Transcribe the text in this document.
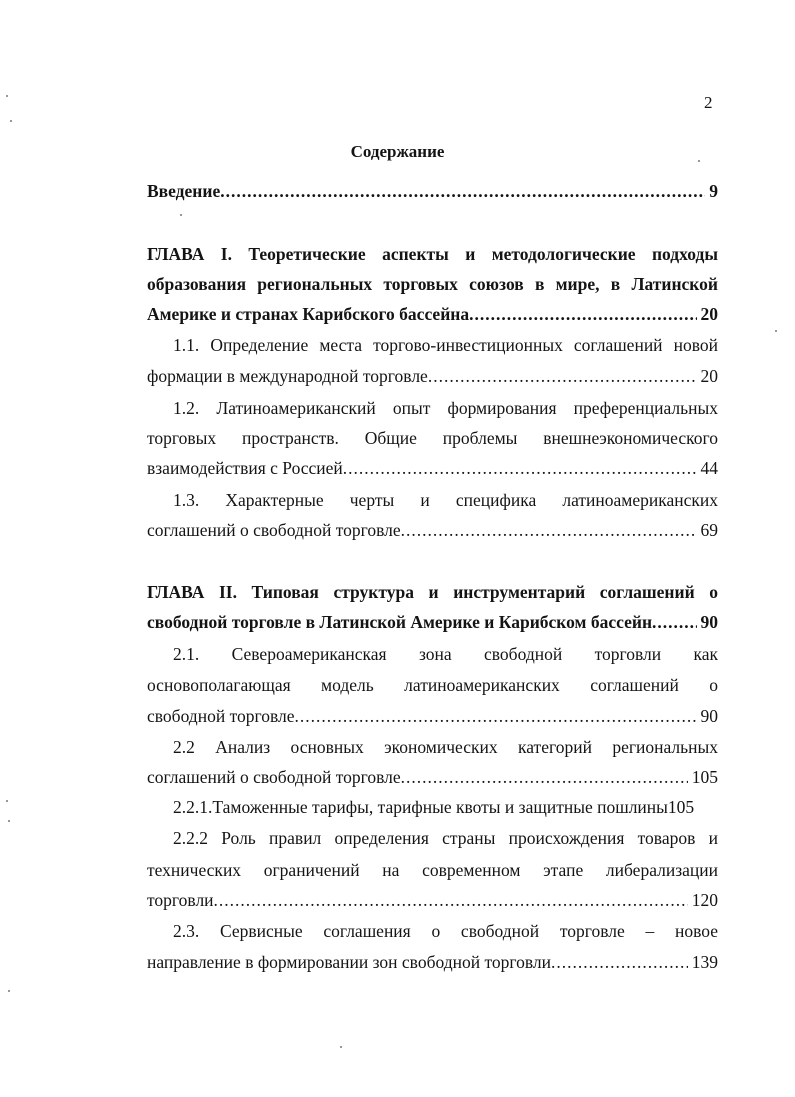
2

Содержание

Введение .....	9
ГЛАВА I. Теоретические аспекты и методологические подходы
образования региональных торговых союзов в мире, в Латинской
Америке и странах Карибского бассейна .....	20
1.1. Определение места торгово-инвестиционных соглашений новой
формации в международной торговле .....	20
1.2. Латиноамериканский опыт формирования преференциальных
торговых пространств. Общие проблемы внешнеэкономического
взаимодействия с Россией .....	44
1.3. Характерные черты и специфика латиноамериканских
соглашений о свободной торговле .....	69
ГЛАВА II. Типовая структура и инструментарий соглашений о
свободной торговле в Латинской Америке и Карибском бассейн .....	90
2.1. Североамериканская зона свободной торговли как
основополагающая модель латиноамериканских соглашений о
свободной торговле .....	90
2.2 Анализ основных экономических категорий региональных
соглашений о свободной торговле .....	105
2.2.1.Таможенные тарифы, тарифные квоты и защитные пошлины 105
2.2.2 Роль правил определения страны происхождения товаров и
технических ограничений на современном этапе либерализации
торговли .....	120
2.3. Сервисные соглашения о свободной торговле – новое
направление в формировании зон свободной торговли .....	139
